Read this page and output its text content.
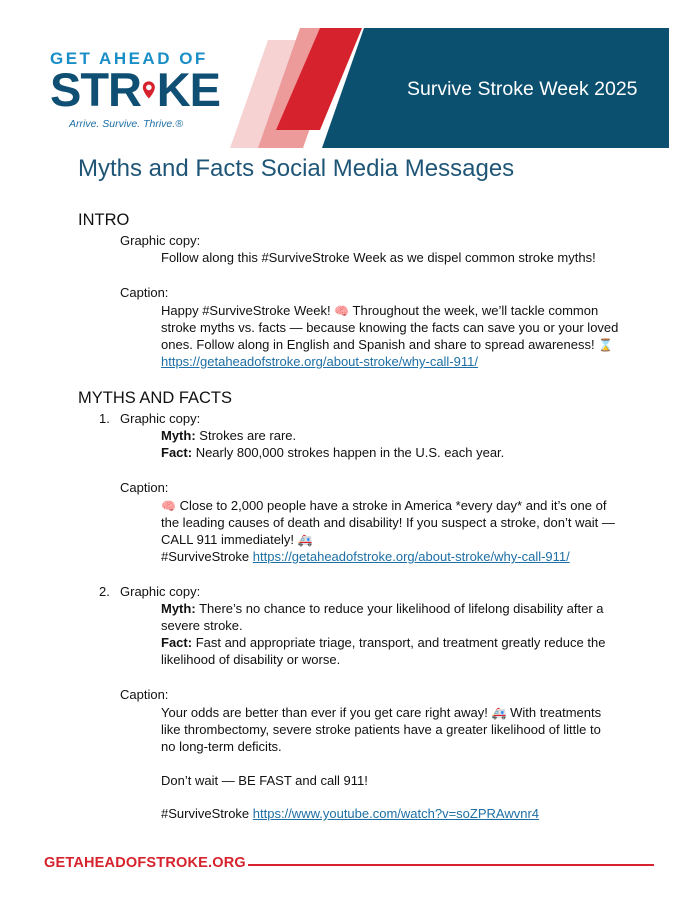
Survive Stroke Week 2025
GET AHEAD OF
STR KE
Arrive. Survive. Thrive.®
Myths and Facts Social Media Messages
INTRO

Graphic copy:

Follow along this #SurviveStroke Week as we dispel common stroke myths!

Caption:

Happy #SurviveStroke Week! 🧠 Throughout the week, we’ll tackle common

stroke myths vs. facts — because knowing the facts can save you or your loved

ones. Follow along in English and Spanish and share to spread awareness! ⌛

https://getaheadofstroke.org/about-stroke/why-call-911/

MYTHS AND FACTS

1. Graphic copy:

Myth: Strokes are rare.

Fact: Nearly 800,000 strokes happen in the U.S. each year.

Caption:

🧠 Close to 2,000 people have a stroke in America *every day* and it’s one of

the leading causes of death and disability! If you suspect a stroke, don’t wait —

CALL 911 immediately! 🚑

#SurviveStroke https://getaheadofstroke.org/about-stroke/why-call-911/

2. Graphic copy:

Myth: There’s no chance to reduce your likelihood of lifelong disability after a

severe stroke.

Fact: Fast and appropriate triage, transport, and treatment greatly reduce the

likelihood of disability or worse.

Caption:

Your odds are better than ever if you get care right away! 🚑 With treatments

like thrombectomy, severe stroke patients have a greater likelihood of little to

no long-term deficits.

Don’t wait — BE FAST and call 911!

#SurviveStroke https://www.youtube.com/watch?v=soZPRAwvnr4

GETAHEADOFSTROKE.ORG
